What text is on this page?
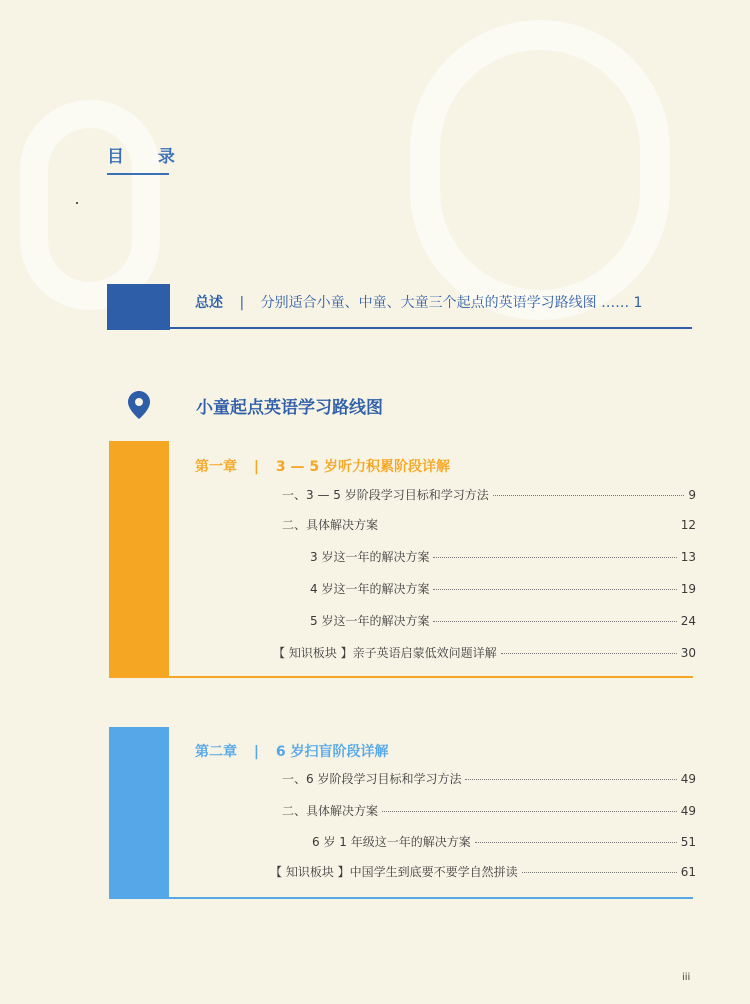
目 录
总述 | 分别适合小童、中童、大童三个起点的英语学习路线图 …… 1
小童起点英语学习路线图
第一章 | 3 — 5 岁听力积累阶段详解
一、3 — 5 岁阶段学习目标和学习方法	9
二、具体解决方案	12
3 岁这一年的解决方案	13
4 岁这一年的解决方案	19
5 岁这一年的解决方案	24
【 知识板块 】亲子英语启蒙低效问题详解	30
第二章 | 6 岁扫盲阶段详解
一、6 岁阶段学习目标和学习方法	49
二、具体解决方案	49
6 岁 1 年级这一年的解决方案	51
【 知识板块 】中国学生到底要不要学自然拼读	61
iii
